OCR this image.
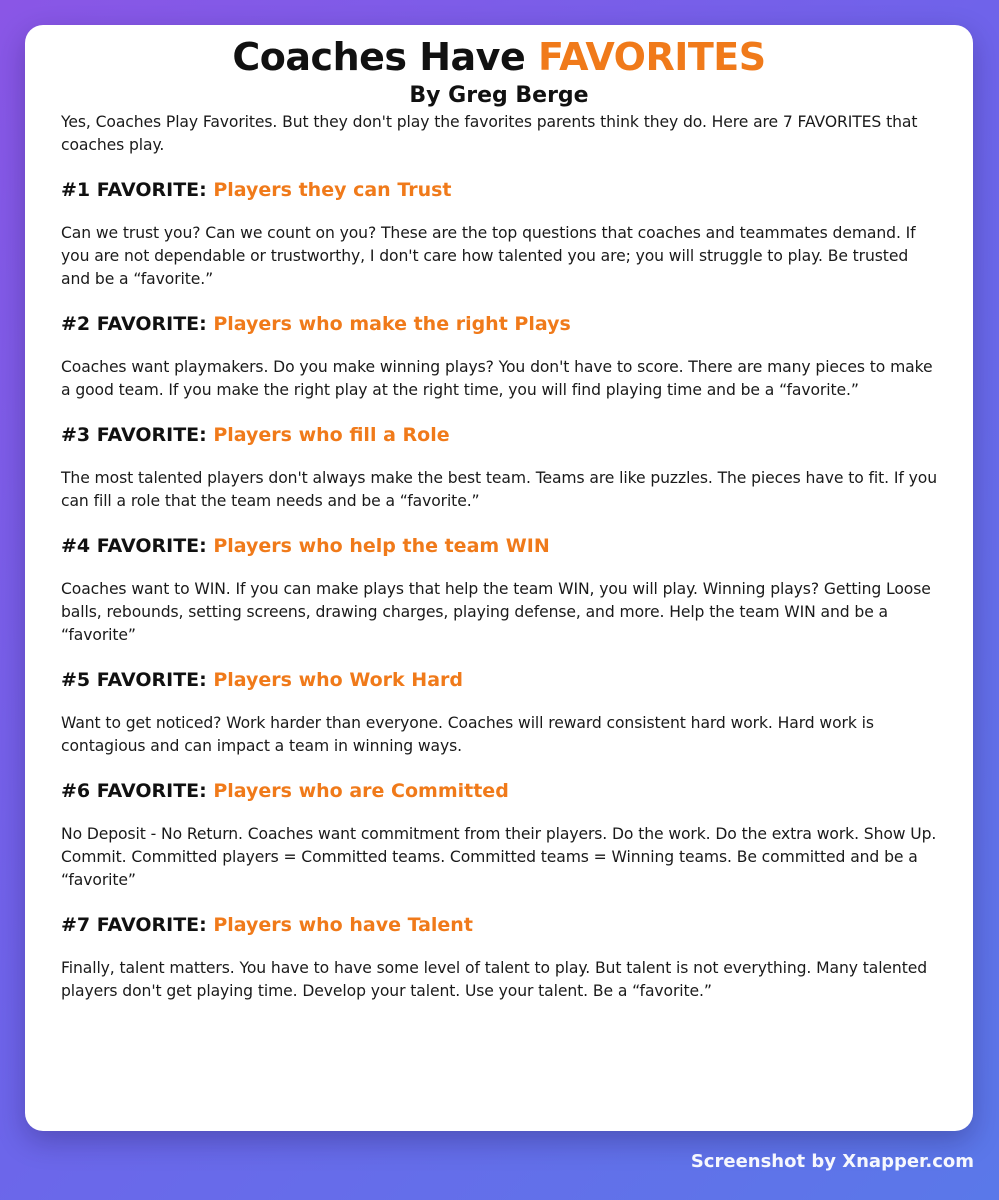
Coaches Have FAVORITES

By Greg Berge

Yes, Coaches Play Favorites. But they don't play the favorites parents think they do. Here are 7 FAVORITES that coaches play.

#1 FAVORITE: Players they can Trust

Can we trust you? Can we count on you? These are the top questions that coaches and teammates demand. If you are not dependable or trustworthy, I don't care how talented you are; you will struggle to play. Be trusted and be a “favorite.”

#2 FAVORITE: Players who make the right Plays

Coaches want playmakers. Do you make winning plays? You don't have to score. There are many pieces to make a good team. If you make the right play at the right time, you will find playing time and be a “favorite.”

#3 FAVORITE: Players who fill a Role

The most talented players don't always make the best team. Teams are like puzzles. The pieces have to fit. If you can fill a role that the team needs and be a “favorite.”

#4 FAVORITE: Players who help the team WIN

Coaches want to WIN. If you can make plays that help the team WIN, you will play. Winning plays? Getting Loose balls, rebounds, setting screens, drawing charges, playing defense, and more. Help the team WIN and be a “favorite”

#5 FAVORITE: Players who Work Hard

Want to get noticed? Work harder than everyone. Coaches will reward consistent hard work. Hard work is contagious and can impact a team in winning ways.

#6 FAVORITE: Players who are Committed

No Deposit - No Return. Coaches want commitment from their players. Do the work. Do the extra work. Show Up. Commit. Committed players = Committed teams. Committed teams = Winning teams. Be committed and be a “favorite”

#7 FAVORITE: Players who have Talent

Finally, talent matters. You have to have some level of talent to play. But talent is not everything. Many talented players don't get playing time. Develop your talent. Use your talent. Be a “favorite.”

Screenshot by Xnapper.com
